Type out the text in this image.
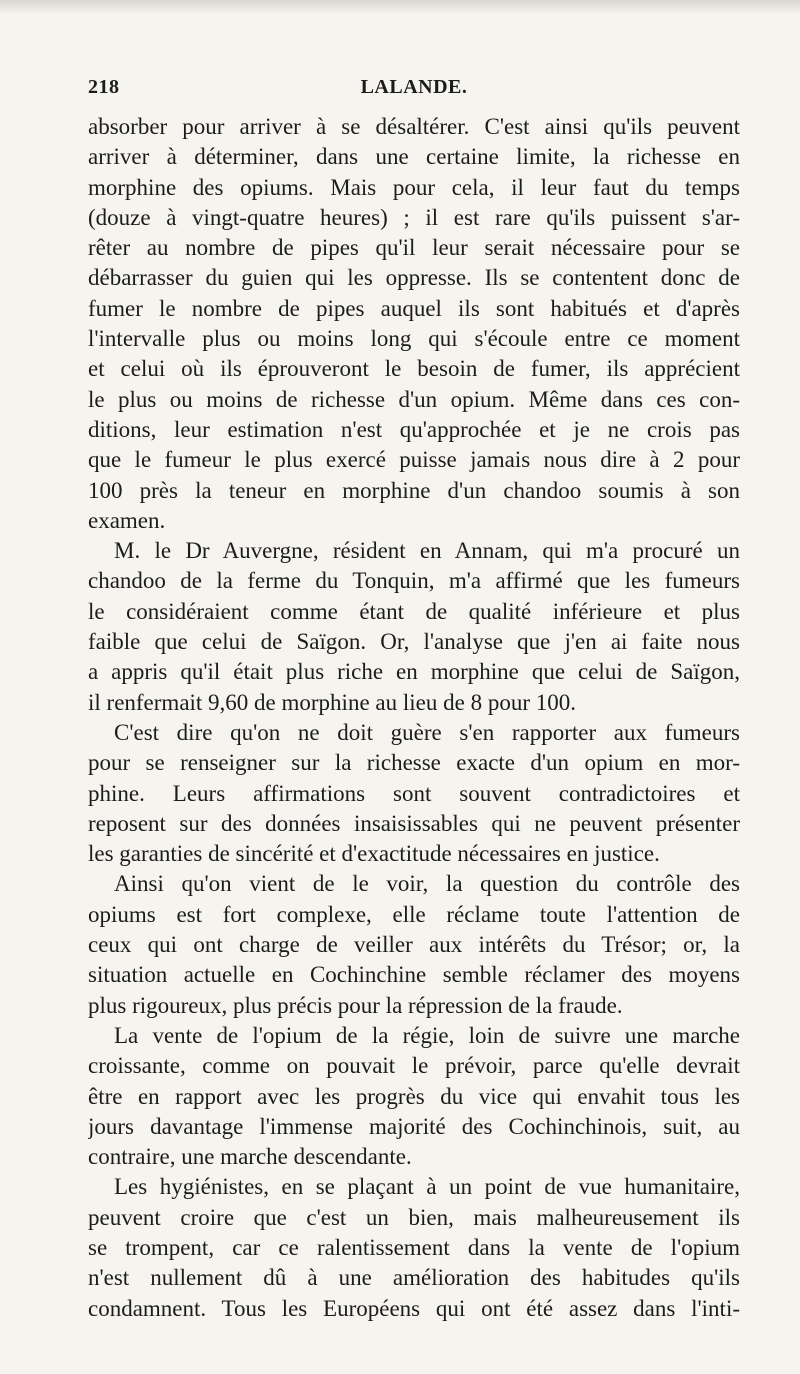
218	LALANDE.
absorber pour arriver à se désaltérer. C'est ainsi qu'ils peuvent
arriver à déterminer, dans une certaine limite, la richesse en
morphine des opiums. Mais pour cela, il leur faut du temps
(douze à vingt-quatre heures) ; il est rare qu'ils puissent s'ar-
rêter au nombre de pipes qu'il leur serait nécessaire pour se
débarrasser du guien qui les oppresse. Ils se contentent donc de
fumer le nombre de pipes auquel ils sont habitués et d'après
l'intervalle plus ou moins long qui s'écoule entre ce moment
et celui où ils éprouveront le besoin de fumer, ils apprécient
le plus ou moins de richesse d'un opium. Même dans ces con-
ditions, leur estimation n'est qu'approchée et je ne crois pas
que le fumeur le plus exercé puisse jamais nous dire à 2 pour
100 près la teneur en morphine d'un chandoo soumis à son
examen.
M. le Dr Auvergne, résident en Annam, qui m'a procuré un
chandoo de la ferme du Tonquin, m'a affirmé que les fumeurs
le considéraient comme étant de qualité inférieure et plus
faible que celui de Saïgon. Or, l'analyse que j'en ai faite nous
a appris qu'il était plus riche en morphine que celui de Saïgon,
il renfermait 9,60 de morphine au lieu de 8 pour 100.
C'est dire qu'on ne doit guère s'en rapporter aux fumeurs
pour se renseigner sur la richesse exacte d'un opium en mor-
phine. Leurs affirmations sont souvent contradictoires et
reposent sur des données insaisissables qui ne peuvent présenter
les garanties de sincérité et d'exactitude nécessaires en justice.
Ainsi qu'on vient de le voir, la question du contrôle des
opiums est fort complexe, elle réclame toute l'attention de
ceux qui ont charge de veiller aux intérêts du Trésor; or, la
situation actuelle en Cochinchine semble réclamer des moyens
plus rigoureux, plus précis pour la répression de la fraude.
La vente de l'opium de la régie, loin de suivre une marche
croissante, comme on pouvait le prévoir, parce qu'elle devrait
être en rapport avec les progrès du vice qui envahit tous les
jours davantage l'immense majorité des Cochinchinois, suit, au
contraire, une marche descendante.
Les hygiénistes, en se plaçant à un point de vue humanitaire,
peuvent croire que c'est un bien, mais malheureusement ils
se trompent, car ce ralentissement dans la vente de l'opium
n'est nullement dû à une amélioration des habitudes qu'ils
condamnent. Tous les Européens qui ont été assez dans l'inti-
